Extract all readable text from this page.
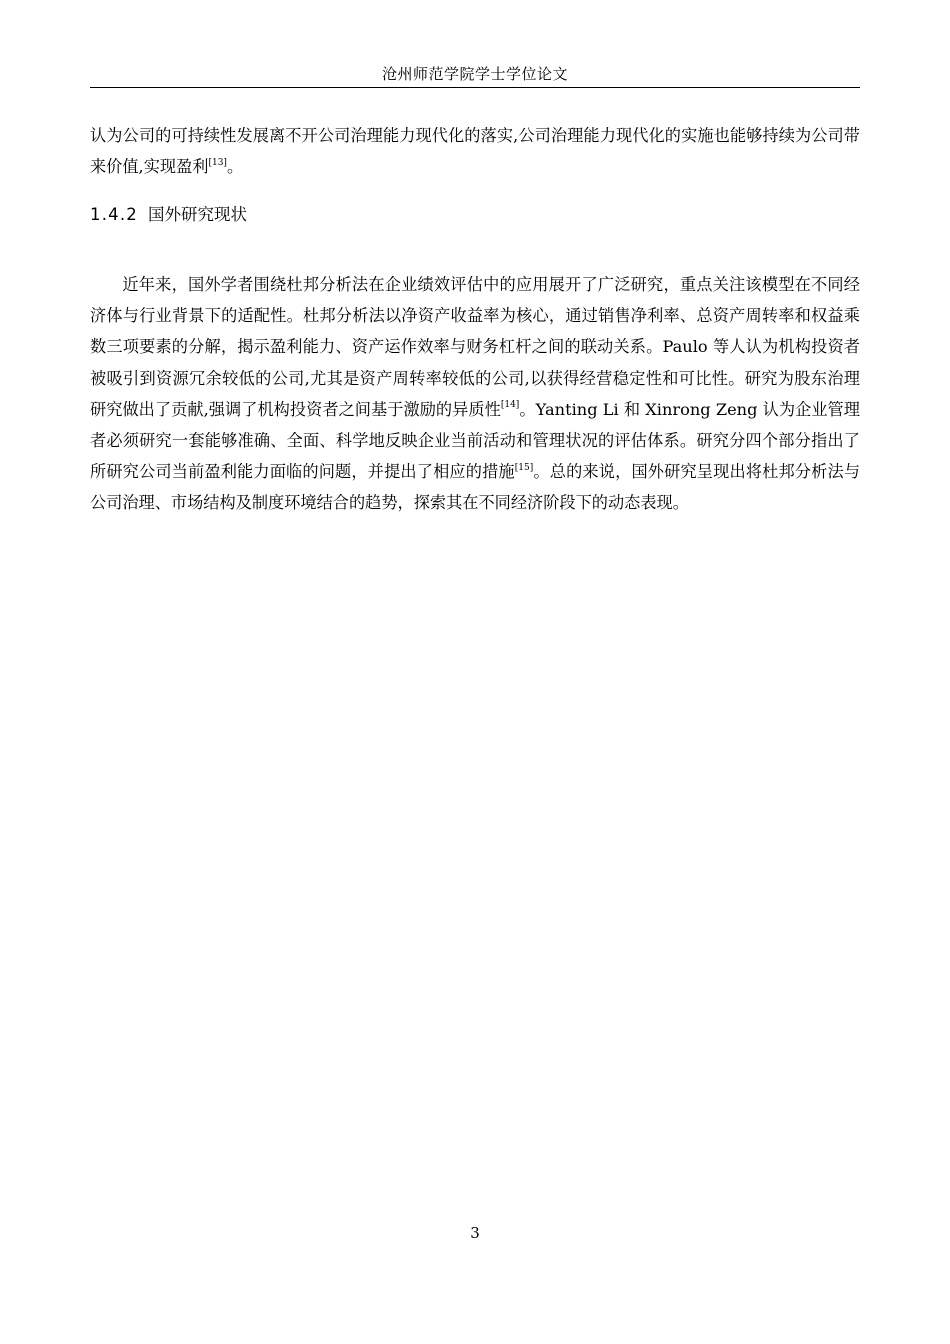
沧州师范学院学士学位论文

认为公司的可持续性发展离不开公司治理能力现代化的落实,公司治理能力现代化的实施也能够持续为公司带来价值,实现盈利[13]。

1.4.2 国外研究现状

近年来，国外学者围绕杜邦分析法在企业绩效评估中的应用展开了广泛研究，重点关注该模型在不同经济体与行业背景下的适配性。杜邦分析法以净资产收益率为核心，通过销售净利率、总资产周转率和权益乘数三项要素的分解，揭示盈利能力、资产运作效率与财务杠杆之间的联动关系。Paulo 等人认为机构投资者被吸引到资源冗余较低的公司,尤其是资产周转率较低的公司,以获得经营稳定性和可比性。研究为股东治理研究做出了贡献,强调了机构投资者之间基于激励的异质性[14]。Yanting Li 和 Xinrong Zeng 认为企业管理者必须研究一套能够准确、全面、科学地反映企业当前活动和管理状况的评估体系。研究分四个部分指出了所研究公司当前盈利能力面临的问题，并提出了相应的措施[15]。总的来说，国外研究呈现出将杜邦分析法与公司治理、市场结构及制度环境结合的趋势，探索其在不同经济阶段下的动态表现。

3
